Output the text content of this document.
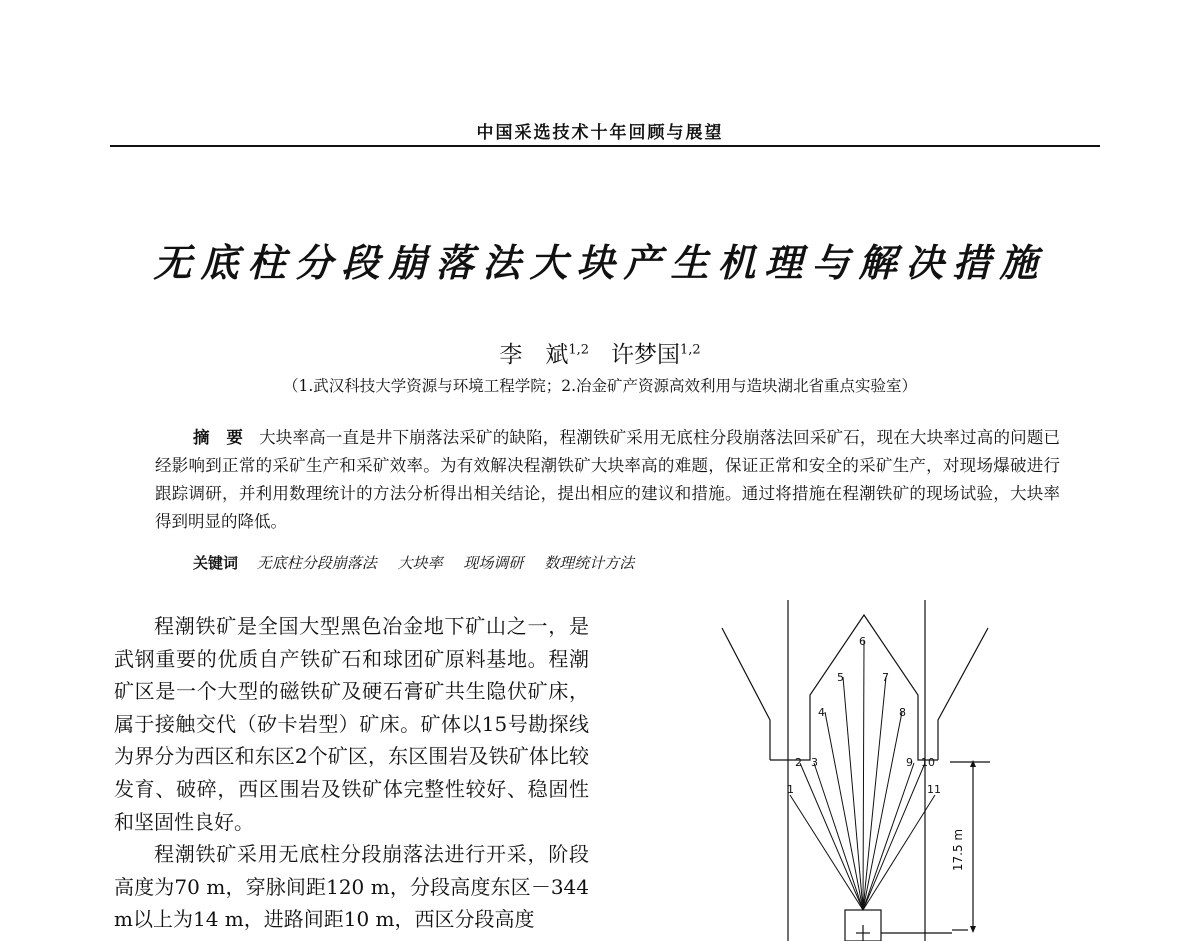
中国采选技术十年回顾与展望
无底柱分段崩落法大块产生机理与解决措施
李　斌$^{1,2}$ 许梦国$^{1,2}$
（1.武汉科技大学资源与环境工程学院；2.冶金矿产资源高效利用与造块湖北省重点实验室）
摘　要 大块率高一直是井下崩落法采矿的缺陷，程潮铁矿采用无底柱分段崩落法回采矿石，现在大块率过高的问题已经影响到正常的采矿生产和采矿效率。为有效解决程潮铁矿大块率高的难题，保证正常和安全的采矿生产，对现场爆破进行跟踪调研，并利用数理统计的方法分析得出相关结论，提出相应的建议和措施。通过将措施在程潮铁矿的现场试验，大块率得到明显的降低。
关键词 无底柱分段崩落法 大块率 现场调研 数理统计方法

程潮铁矿是全国大型黑色冶金地下矿山之一，是武钢重要的优质自产铁矿石和球团矿原料基地。程潮矿区是一个大型的磁铁矿及硬石膏矿共生隐伏矿床，属于接触交代（矽卡岩型）矿床。矿体以15号勘探线为界分为西区和东区2个矿区，东区围岩及铁矿体比较发育、破碎，西区围岩及铁矿体完整性较好、稳固性和坚固性良好。

程潮铁矿采用无底柱分段崩落法进行开采，阶段高度为70 m，穿脉间距120 m，分段高度东区－344 m以上为14 m，进路间距10 m，西区分段高度

1
2 3
4
5
6
7
8
9 10
11
17.5 m
